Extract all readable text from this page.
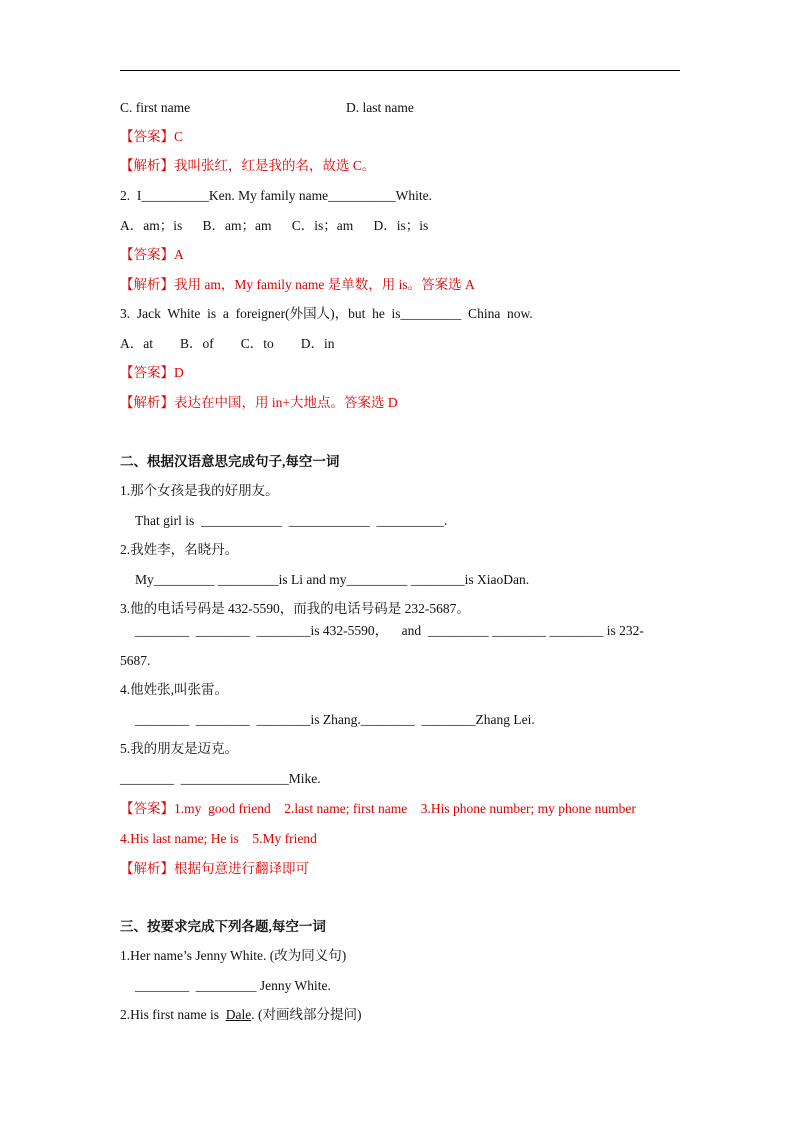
C. first name	D. last name
【答案】C
【解析】我叫张红，红是我的名，故选 C。
2.  I__________Ken. My family name__________White.
A．am；is      B．am；am      C．is；am      D．is；is
【答案】A
【解析】我用 am，My family name 是单数，用 is。答案选 A
3.  Jack  White  is  a  foreigner(外国人)，but  he  is_________  China  now.
A．at        B．of        C．to        D．in
【答案】D
【解析】表达在中国，用 in+大地点。答案选 D
二、根据汉语意思完成句子,每空一词
1.那个女孩是我的好朋友。
That girl is  ____________  ____________  __________.
2.我姓李，名晓丹。
My_________ _________is Li and my_________ ________is XiaoDan.
3.他的电话号码是 432-5590，而我的电话号码是 232-5687。
________  ________  ________is 432-5590，    and  _________ ________ ________ is 232-
5687.
4.他姓张,叫张雷。
________  ________  ________is Zhang.________  ________Zhang Lei.
5.我的朋友是迈克。
________  ________________Mike.
【答案】1.my  good friend    2.last name; first name    3.His phone number; my phone number
4.His last name; He is    5.My friend
【解析】根据句意进行翻译即可
三、按要求完成下列各题,每空一词
1.Her name’s Jenny White. (改为同义句)
________  _________ Jenny White.
2.His first name is  Dale. (对画线部分提问)
